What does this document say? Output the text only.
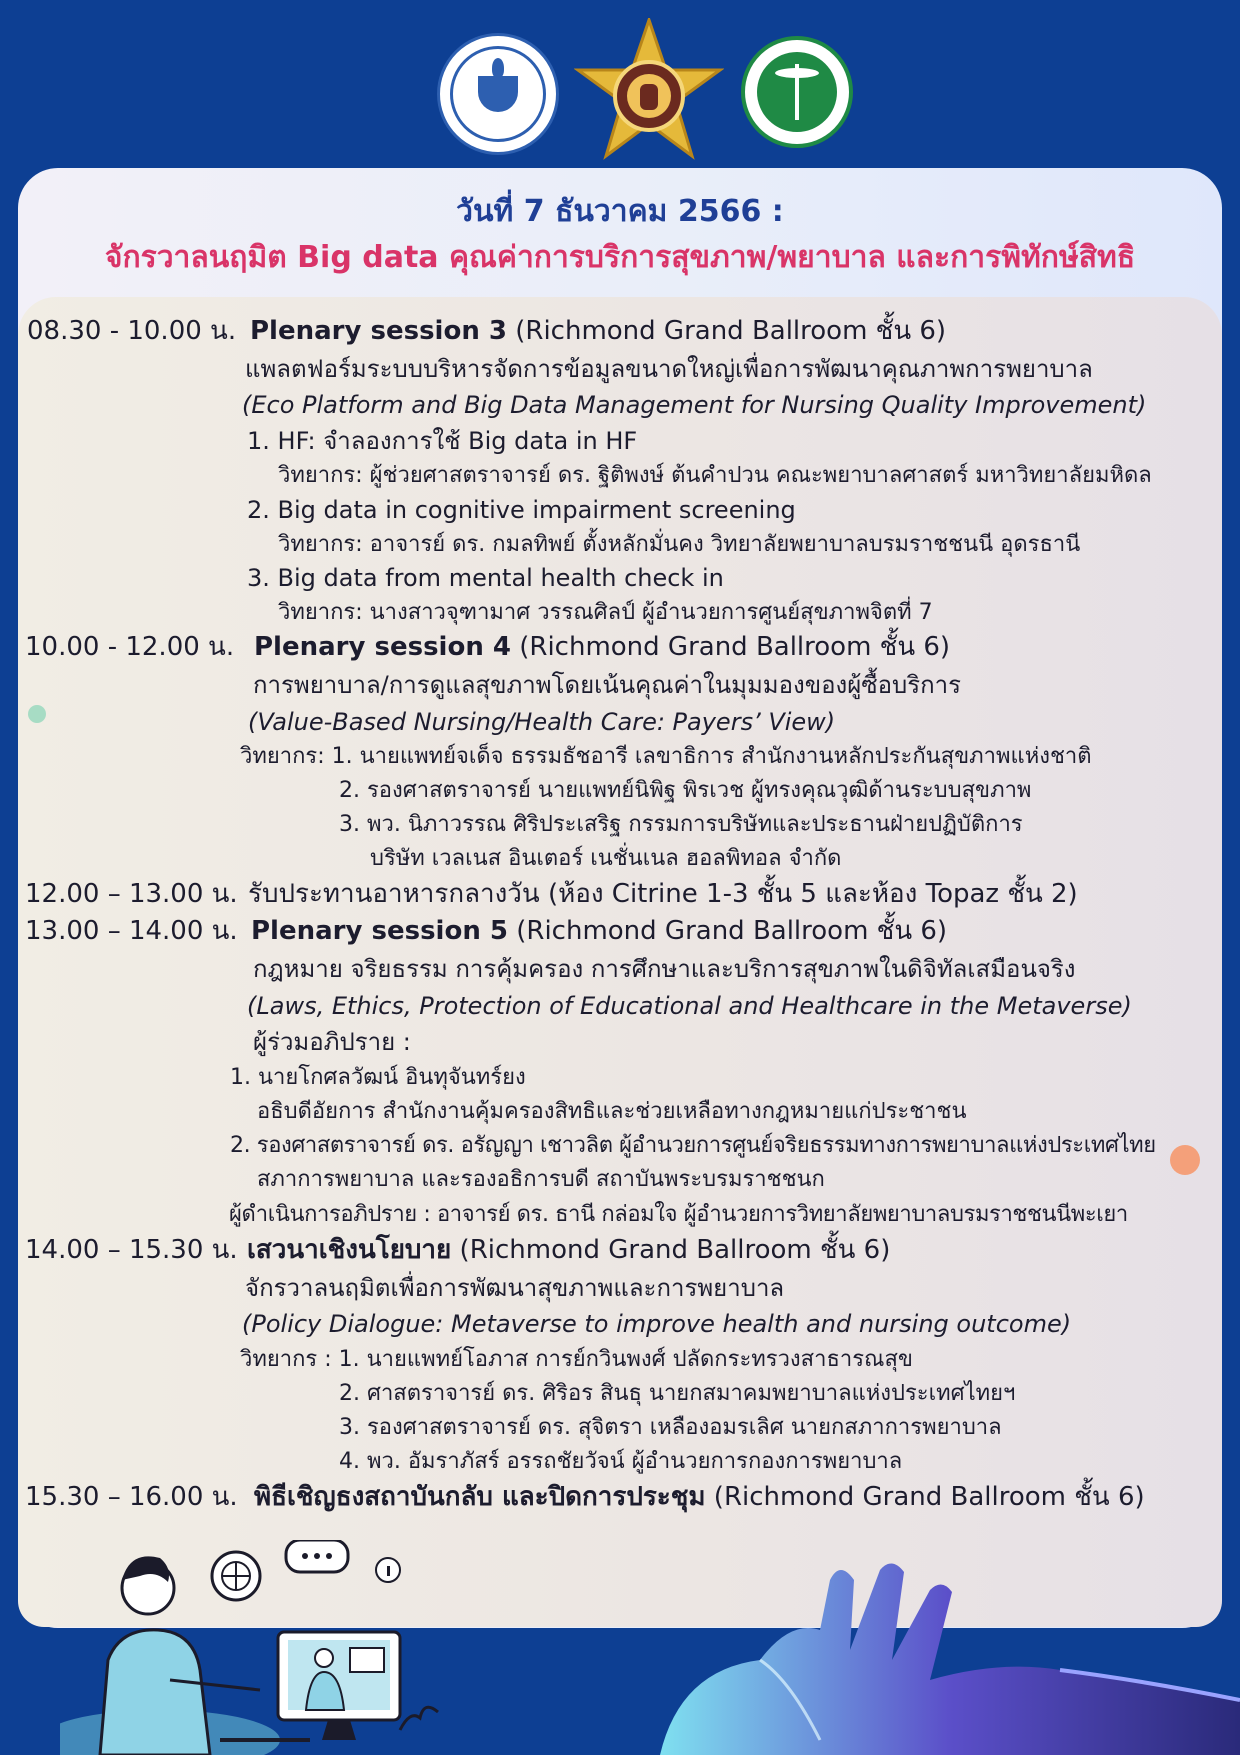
วันที่ 7 ธันวาคม 2566 :
จักรวาลนฤมิต Big data คุณค่าการบริการสุขภาพ/พยาบาล และการพิทักษ์สิทธิ
08.30 - 10.00 น. Plenary session 3 (Richmond Grand Ballroom ชั้น 6)
แพลตฟอร์มระบบบริหารจัดการข้อมูลขนาดใหญ่เพื่อการพัฒนาคุณภาพการพยาบาล
(Eco Platform and Big Data Management for Nursing Quality Improvement)
1. HF: จำลองการใช้ Big data in HF
วิทยากร: ผู้ช่วยศาสตราจารย์ ดร. ฐิติพงษ์ ต้นคำปวน คณะพยาบาลศาสตร์ มหาวิทยาลัยมหิดล
2. Big data in cognitive impairment screening
วิทยากร: อาจารย์ ดร. กมลทิพย์ ตั้งหลักมั่นคง วิทยาลัยพยาบาลบรมราชชนนี อุดรธานี
3. Big data from mental health check in
วิทยากร: นางสาวจุฑามาศ วรรณศิลป์ ผู้อำนวยการศูนย์สุขภาพจิตที่ 7
10.00 - 12.00 น. Plenary session 4 (Richmond Grand Ballroom ชั้น 6)
การพยาบาล/การดูแลสุขภาพโดยเน้นคุณค่าในมุมมองของผู้ซื้อบริการ
(Value-Based Nursing/Health Care: Payers’ View)
วิทยากร: 1. นายแพทย์จเด็จ ธรรมธัชอารี เลขาธิการ สำนักงานหลักประกันสุขภาพแห่งชาติ
2. รองศาสตราจารย์ นายแพทย์นิพิฐ พิรเวช ผู้ทรงคุณวุฒิด้านระบบสุขภาพ
3. พว. นิภาวรรณ ศิริประเสริฐ กรรมการบริษัทและประธานฝ่ายปฏิบัติการ
บริษัท เวลเนส อินเตอร์ เนชั่นเนล ฮอลพิทอล จำกัด
12.00 – 13.00 น. รับประทานอาหารกลางวัน (ห้อง Citrine 1-3 ชั้น 5 และห้อง Topaz ชั้น 2)
13.00 – 14.00 น. Plenary session 5 (Richmond Grand Ballroom ชั้น 6)
กฎหมาย จริยธรรม การคุ้มครอง การศึกษาและบริการสุขภาพในดิจิทัลเสมือนจริง
(Laws, Ethics, Protection of Educational and Healthcare in the Metaverse)
ผู้ร่วมอภิปราย :
1. นายโกศลวัฒน์ อินทุจันทร์ยง
อธิบดีอัยการ สำนักงานคุ้มครองสิทธิและช่วยเหลือทางกฎหมายแก่ประชาชน
2. รองศาสตราจารย์ ดร. อรัญญา เชาวลิต ผู้อำนวยการศูนย์จริยธรรมทางการพยาบาลแห่งประเทศไทย
สภาการพยาบาล และรองอธิการบดี สถาบันพระบรมราชชนก
ผู้ดำเนินการอภิปราย : อาจารย์ ดร. ธานี กล่อมใจ ผู้อำนวยการวิทยาลัยพยาบาลบรมราชชนนีพะเยา
14.00 – 15.30 น. เสวนาเชิงนโยบาย (Richmond Grand Ballroom ชั้น 6)
จักรวาลนฤมิตเพื่อการพัฒนาสุขภาพและการพยาบาล
(Policy Dialogue: Metaverse to improve health and nursing outcome)
วิทยากร : 1. นายแพทย์โอภาส การย์กวินพงศ์ ปลัดกระทรวงสาธารณสุข
2. ศาสตราจารย์ ดร. ศิริอร สินธุ นายกสมาคมพยาบาลแห่งประเทศไทยฯ
3. รองศาสตราจารย์ ดร. สุจิตรา เหลืองอมรเลิศ นายกสภาการพยาบาล
4. พว. อัมราภัสร์ อรรถชัยวัจน์ ผู้อำนวยการกองการพยาบาล
15.30 – 16.00 น. พิธีเชิญธงสถาบันกลับ และปิดการประชุม (Richmond Grand Ballroom ชั้น 6)
